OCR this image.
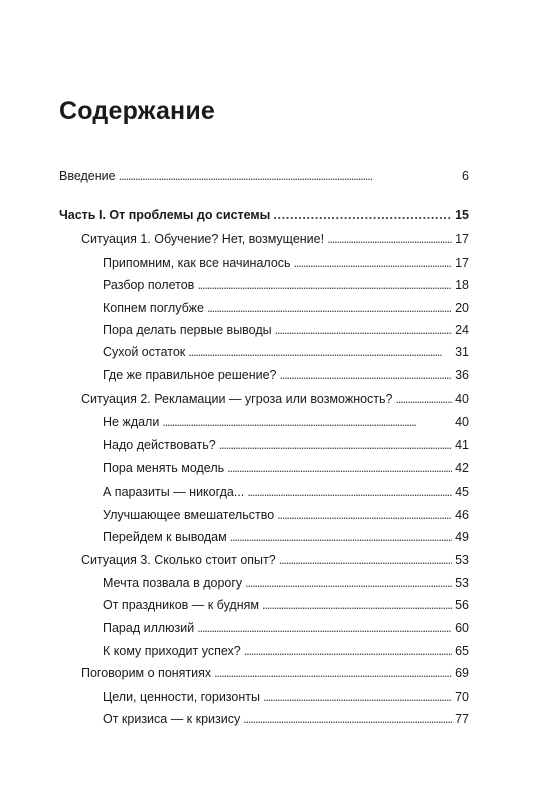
Содержание
Введение . . .	6
Часть I. От проблемы до системы . . .	15
Ситуация 1. Обучение? Нет, возмущение! . . .	17
Припомним, как все начиналось . . .	17
Разбор полетов . . .	18
Копнем поглубже . . .	20
Пора делать первые выводы . . .	24
Сухой остаток . . .	31
Где же правильное решение? . . .	36
Ситуация 2. Рекламации — угроза или возможность? . . .	40
Не ждали . . .	40
Надо действовать? . . .	41
Пора менять модель . . .	42
А паразиты — никогда... . . .	45
Улучшающее вмешательство . . .	46
Перейдем к выводам . . .	49
Ситуация 3. Сколько стоит опыт? . . .	53
Мечта позвала в дорогу . . .	53
От праздников — к будням . . .	56
Парад иллюзий . . .	60
К кому приходит успех? . . .	65
Поговорим о понятиях . . .	69
Цели, ценности, горизонты . . .	70
От кризиса — к кризису . . .	77
